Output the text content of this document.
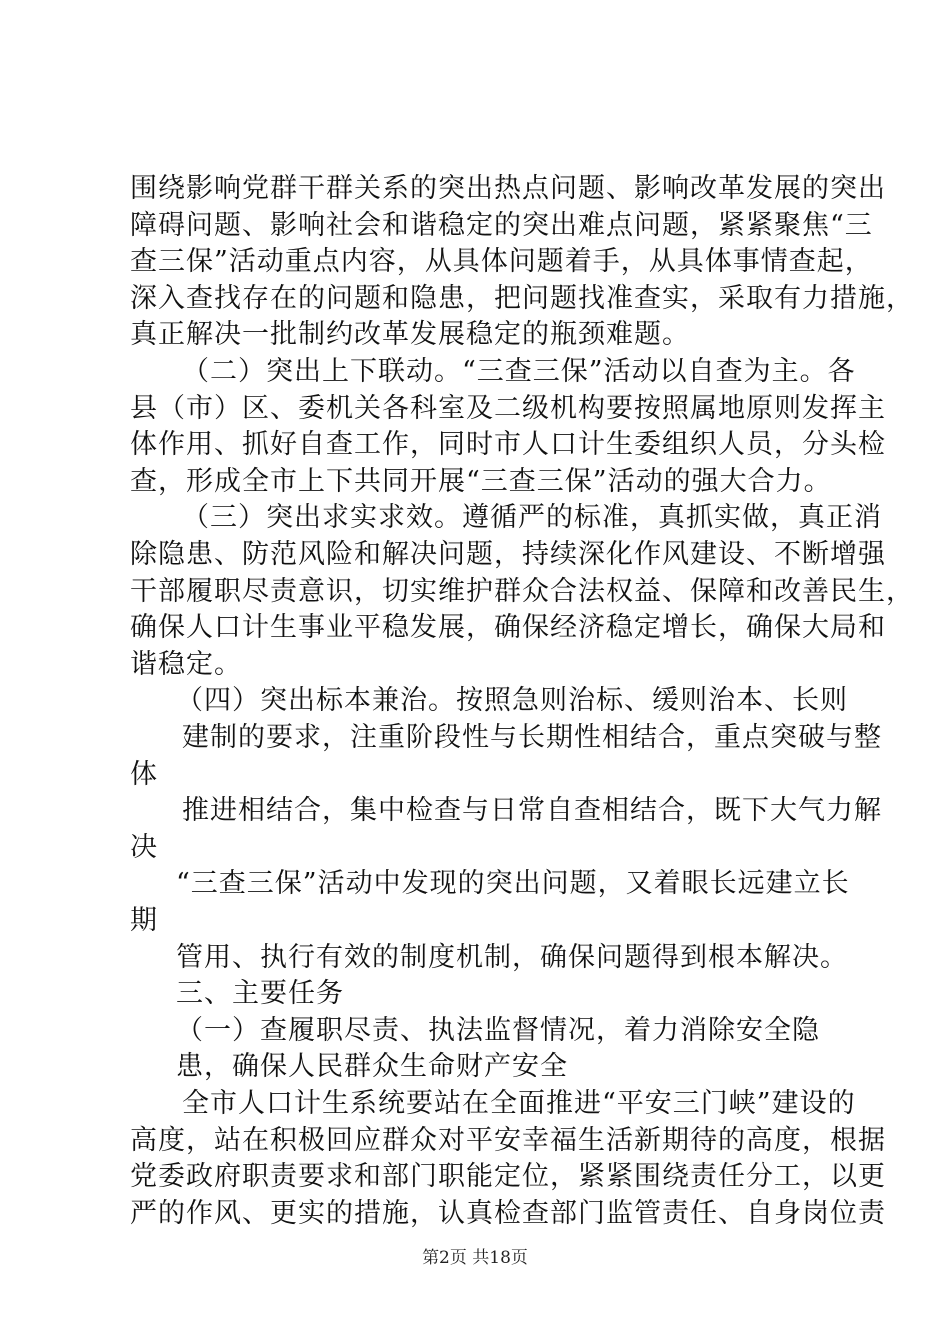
围绕影响党群干群关系的突出热点问题、影响改革发展的突出
障碍问题、影响社会和谐稳定的突出难点问题，紧紧聚焦“三
查三保”活动重点内容，从具体问题着手，从具体事情查起，
深入查找存在的问题和隐患，把问题找准查实，采取有力措施，
真正解决一批制约改革发展稳定的瓶颈难题。
（二）突出上下联动。“三查三保”活动以自查为主。各
县（市）区、委机关各科室及二级机构要按照属地原则发挥主
体作用、抓好自查工作，同时市人口计生委组织人员，分头检
查，形成全市上下共同开展“三查三保”活动的强大合力。
（三）突出求实求效。遵循严的标准，真抓实做，真正消
除隐患、防范风险和解决问题，持续深化作风建设、不断增强
干部履职尽责意识，切实维护群众合法权益、保障和改善民生，
确保人口计生事业平稳发展，确保经济稳定增长，确保大局和
谐稳定。
（四）突出标本兼治。按照急则治标、缓则治本、长则
建制的要求，注重阶段性与长期性相结合，重点突破与整
体
推进相结合，集中检查与日常自查相结合，既下大气力解
决
“三查三保”活动中发现的突出问题，又着眼长远建立长
期
管用、执行有效的制度机制，确保问题得到根本解决。
三、主要任务
（一）查履职尽责、执法监督情况，着力消除安全隐
患，确保人民群众生命财产安全
全市人口计生系统要站在全面推进“平安三门峡”建设的
高度，站在积极回应群众对平安幸福生活新期待的高度，根据
党委政府职责要求和部门职能定位，紧紧围绕责任分工，以更
严的作风、更实的措施，认真检查部门监管责任、自身岗位责
第2页 共18页
